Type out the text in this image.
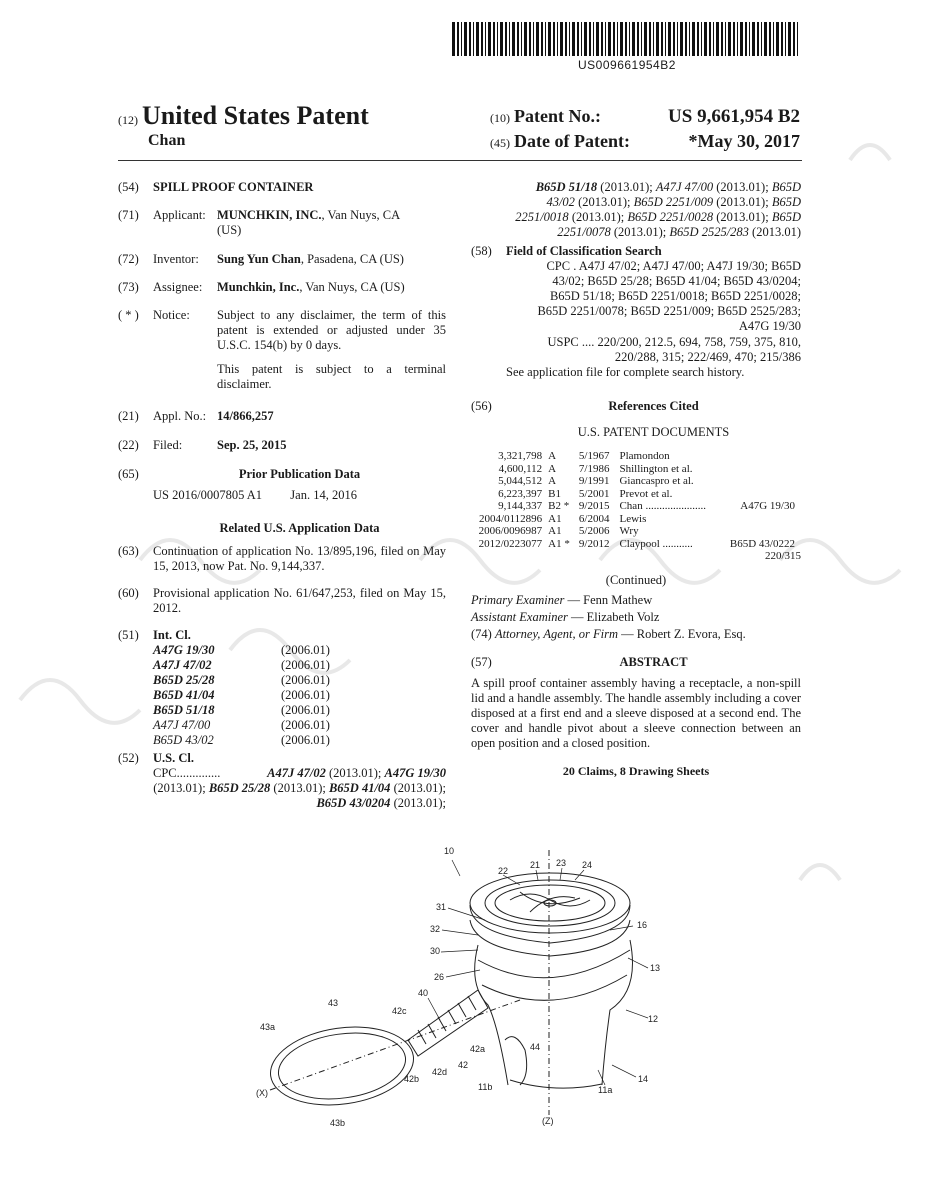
US009661954B2
(12) United States Patent
Chan
(10) Patent No.:	US 9,661,954 B2
(45) Date of Patent:	*May 30, 2017
(54)	SPILL PROOF CONTAINER
(71)	Applicant: MUNCHKIN, INC., Van Nuys, CA
(US)
(72)	Inventor:	Sung Yun Chan, Pasadena, CA (US)
(73)	Assignee:	Munchkin, Inc., Van Nuys, CA (US)
( * )	Notice:	Subject to any disclaimer, the term of this patent is extended or adjusted under 35 U.S.C. 154(b) by 0 days.
This patent is subject to a terminal disclaimer.
(21)	Appl. No.: 14/866,257
(22)	Filed:	Sep. 25, 2015
(65)	Prior Publication Data
US 2016/0007805 A1 Jan. 14, 2016
Related U.S. Application Data
(63)	Continuation of application No. 13/895,196, filed on May 15, 2013, now Pat. No. 9,144,337.
(60)	Provisional application No. 61/647,253, filed on May 15, 2012.
(51)	Int. Cl.
A47G 19/30	(2006.01)
A47J 47/02	(2006.01)
B65D 25/28	(2006.01)
B65D 41/04	(2006.01)
B65D 51/18	(2006.01)
A47J 47/00	(2006.01)
B65D 43/02	(2006.01)
(52)	U.S. Cl.
CPC ..............	A47J 47/02 (2013.01); A47G 19/30
(2013.01); B65D 25/28 (2013.01); B65D 41/04 (2013.01); B65D 43/0204 (2013.01);
B65D 51/18 (2013.01); A47J 47/00 (2013.01); B65D 43/02 (2013.01); B65D 2251/009 (2013.01); B65D 2251/0018 (2013.01); B65D 2251/0028 (2013.01); B65D 2251/0078 (2013.01); B65D 2525/283 (2013.01)
(58)	Field of Classification Search
CPC . A47J 47/02; A47J 47/00; A47J 19/30; B65D 43/02; B65D 25/28; B65D 41/04; B65D 43/0204; B65D 51/18; B65D 2251/0018; B65D 2251/0028; B65D 2251/0078; B65D 2251/009; B65D 2525/283; A47G 19/30
USPC .... 220/200, 212.5, 694, 758, 759, 375, 810, 220/288, 315; 222/469, 470; 215/386
See application file for complete search history.
(56)	References Cited
U.S. PATENT DOCUMENTS
3,321,798	A	5/1967	Plamondon	
4,600,112	A	7/1986	Shillington et al.	
5,044,512	A	9/1991	Giancaspro et al.	
6,223,397	B1	5/2001	Prevot et al.	
9,144,337	B2 *	9/2015	Chan ......................	A47G 19/30
2004/0112896	A1	6/2004	Lewis	
2006/0096987	A1	5/2006	Wry	
2012/0223077	A1 *	9/2012	Claypool ...........	B65D 43/0222
220/315				
(Continued)
Primary Examiner — Fenn Mathew
Assistant Examiner — Elizabeth Volz
(74) Attorney, Agent, or Firm — Robert Z. Evora, Esq.
(57)	ABSTRACT
A spill proof container assembly having a receptacle, a non-spill lid and a handle assembly. The handle assembly including a cover disposed at a first end and a sleeve disposed at a second end. The cover and handle pivot about a sleeve connection between an open position and a closed position.
20 Claims, 8 Drawing Sheets
10
22
21 23 24
31
32
30
26
16
13
43
40
42c
43a
12
44
42a
42
42d
42b
11b	11a
14
(X)
43b	(Z)
